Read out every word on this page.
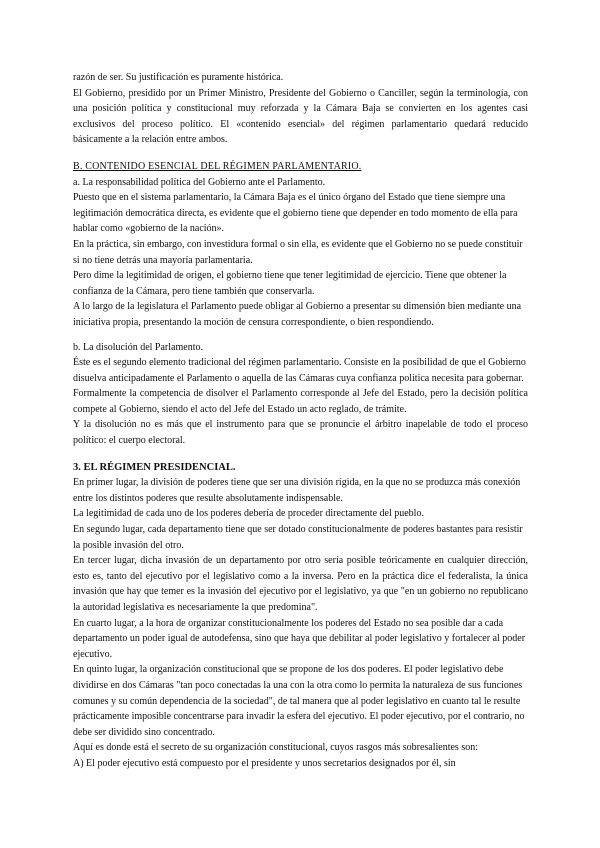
razón de ser. Su justificación es puramente histórica.

El Gobierno, presidido por un Primer Ministro, Presidente del Gobierno o Canciller, según la terminología, con una posición política y constitucional muy reforzada y la Cámara Baja se convierten en los agentes casi exclusivos del proceso político. El «contenido esencial» del régimen parlamentario quedará reducido básicamente a la relación entre ambos.

B. CONTENIDO ESENCIAL DEL RÉGIMEN PARLAMENTARIO.

a. La responsabilidad política del Gobierno ante el Parlamento.

Puesto que en el sistema parlamentario, la Cámara Baja es el único órgano del Estado que tiene siempre una legitimación democrática directa, es evidente que el gobierno tiene que depender en todo momento de ella para hablar como «gobierno de la nación».

En la práctica, sin embargo, con investidura formal o sin ella, es evidente que el Gobierno no se puede constituir si no tiene detrás una mayoría parlamentaria.

Pero dime la legitimidad de origen, el gobierno tiene que tener legitimidad de ejercicio. Tiene que obtener la confianza de la Cámara, pero tiene también que conservarla.

A lo largo de la legislatura el Parlamento puede obligar al Gobierno a presentar su dimensión bien mediante una iniciativa propia, presentando la moción de censura correspondiente, o bien respondiendo.

b. La disolución del Parlamento.

Éste es el segundo elemento tradicional del régimen parlamentario. Consiste en la posibilidad de que el Gobierno disuelva anticipadamente el Parlamento o aquella de las Cámaras cuya confianza política necesita para gobernar.

Formalmente la competencia de disolver el Parlamento corresponde al Jefe del Estado, pero la decisión política compete al Gobierno, siendo el acto del Jefe del Estado un acto reglado, de trámite.

Y la disolución no es más que el instrumento para que se pronuncie el árbitro inapelable de todo el proceso político: el cuerpo electoral.

3. EL RÉGIMEN PRESIDENCIAL.

En primer lugar, la división de poderes tiene que ser una división rígida, en la que no se produzca más conexión entre los distintos poderes que resulte absolutamente indispensable.

La legitimidad de cada uno de los poderes debería de proceder directamente del pueblo.

En segundo lugar, cada departamento tiene que ser dotado constitucionalmente de poderes bastantes para resistir la posible invasión del otro.

En tercer lugar, dicha invasión de un departamento por otro sería posible teóricamente en cualquier dirección, esto es, tanto del ejecutivo por el legislativo como a la inversa. Pero en la práctica dice el federalista, la única invasión que hay que temer es la invasión del ejecutivo por el legislativo, ya que "en un gobierno no republicano la autoridad legislativa es necesariamente la que predomina".

En cuarto lugar, a la hora de organizar constitucionalmente los poderes del Estado no sea posible dar a cada departamento un poder igual de autodefensa, sino que haya que debilitar al poder legislativo y fortalecer al poder ejecutivo.

En quinto lugar, la organización constitucional que se propone de los dos poderes. El poder legislativo debe dividirse en dos Cámaras "tan poco conectadas la una con la otra como lo permita la naturaleza de sus funciones comunes y su común dependencia de la sociedad", de tal manera que al poder legislativo en cuanto tal le resulte prácticamente imposible concentrarse para invadir la esfera del ejecutivo. El poder ejecutivo, por el contrario, no debe ser dividido sino concentrado.

Aquí es donde está el secreto de su organización constitucional, cuyos rasgos más sobresalientes son:

A) El poder ejecutivo está compuesto por el presidente y unos secretarios designados por él, sin
